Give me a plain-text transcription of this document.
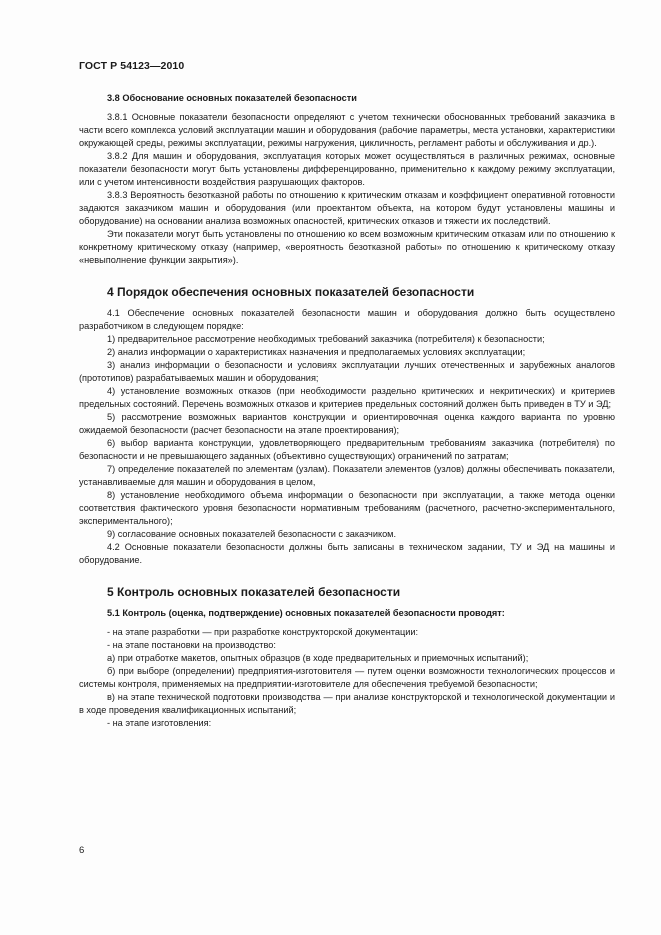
ГОСТ Р 54123—2010

3.8 Обоснование основных показателей безопасности

3.8.1 Основные показатели безопасности определяют с учетом технически обоснованных требований заказчика в части всего комплекса условий эксплуатации машин и оборудования (рабочие параметры, места установки, характеристики окружающей среды, режимы эксплуатации, режимы нагружения, цикличность, регламент работы и обслуживания и др.).

3.8.2 Для машин и оборудования, эксплуатация которых может осуществляться в различных режимах, основные показатели безопасности могут быть установлены дифференцированно, применительно к каждому режиму эксплуатации, или с учетом интенсивности воздействия разрушающих факторов.

3.8.3 Вероятность безотказной работы по отношению к критическим отказам и коэффициент оперативной готовности задаются заказчиком машин и оборудования (или проектантом объекта, на котором будут установлены машины и оборудование) на основании анализа возможных опасностей, критических отказов и тяжести их последствий.

Эти показатели могут быть установлены по отношению ко всем возможным критическим отказам или по отношению к конкретному критическому отказу (например, «вероятность безотказной работы» по отношению к критическому отказу «невыполнение функции закрытия»).

4 Порядок обеспечения основных показателей безопасности

4.1 Обеспечение основных показателей безопасности машин и оборудования должно быть осуществлено разработчиком в следующем порядке:

1) предварительное рассмотрение необходимых требований заказчика (потребителя) к безопасности;

2) анализ информации о характеристиках назначения и предполагаемых условиях эксплуатации;

3) анализ информации о безопасности и условиях эксплуатации лучших отечественных и зарубежных аналогов (прототипов) разрабатываемых машин и оборудования;

4) установление возможных отказов (при необходимости раздельно критических и некритических) и критериев предельных состояний. Перечень возможных отказов и критериев предельных состояний должен быть приведен в ТУ и ЭД;

5) рассмотрение возможных вариантов конструкции и ориентировочная оценка каждого варианта по уровню ожидаемой безопасности (расчет безопасности на этапе проектирования);

6) выбор варианта конструкции, удовлетворяющего предварительным требованиям заказчика (потребителя) по безопасности и не превышающего заданных (объективно существующих) ограничений по затратам;

7) определение показателей по элементам (узлам). Показатели элементов (узлов) должны обеспечивать показатели, устанавливаемые для машин и оборудования в целом,

8) установление необходимого объема информации о безопасности при эксплуатации, а также метода оценки соответствия фактического уровня безопасности нормативным требованиям (расчетного, расчетно-экспериментального, экспериментального);

9) согласование основных показателей безопасности с заказчиком.

4.2 Основные показатели безопасности должны быть записаны в техническом задании, ТУ и ЭД на машины и оборудование.

5 Контроль основных показателей безопасности

5.1 Контроль (оценка, подтверждение) основных показателей безопасности проводят:

- на этапе разработки — при разработке конструкторской документации:

- на этапе постановки на производство:

а) при отработке макетов, опытных образцов (в ходе предварительных и приемочных испытаний);

б) при выборе (определении) предприятия-изготовителя — путем оценки возможности технологических процессов и системы контроля, применяемых на предприятии-изготовителе для обеспечения требуемой безопасности;

в) на этапе технической подготовки производства — при анализе конструкторской и технологической документации и в ходе проведения квалификационных испытаний;

- на этапе изготовления:

6
